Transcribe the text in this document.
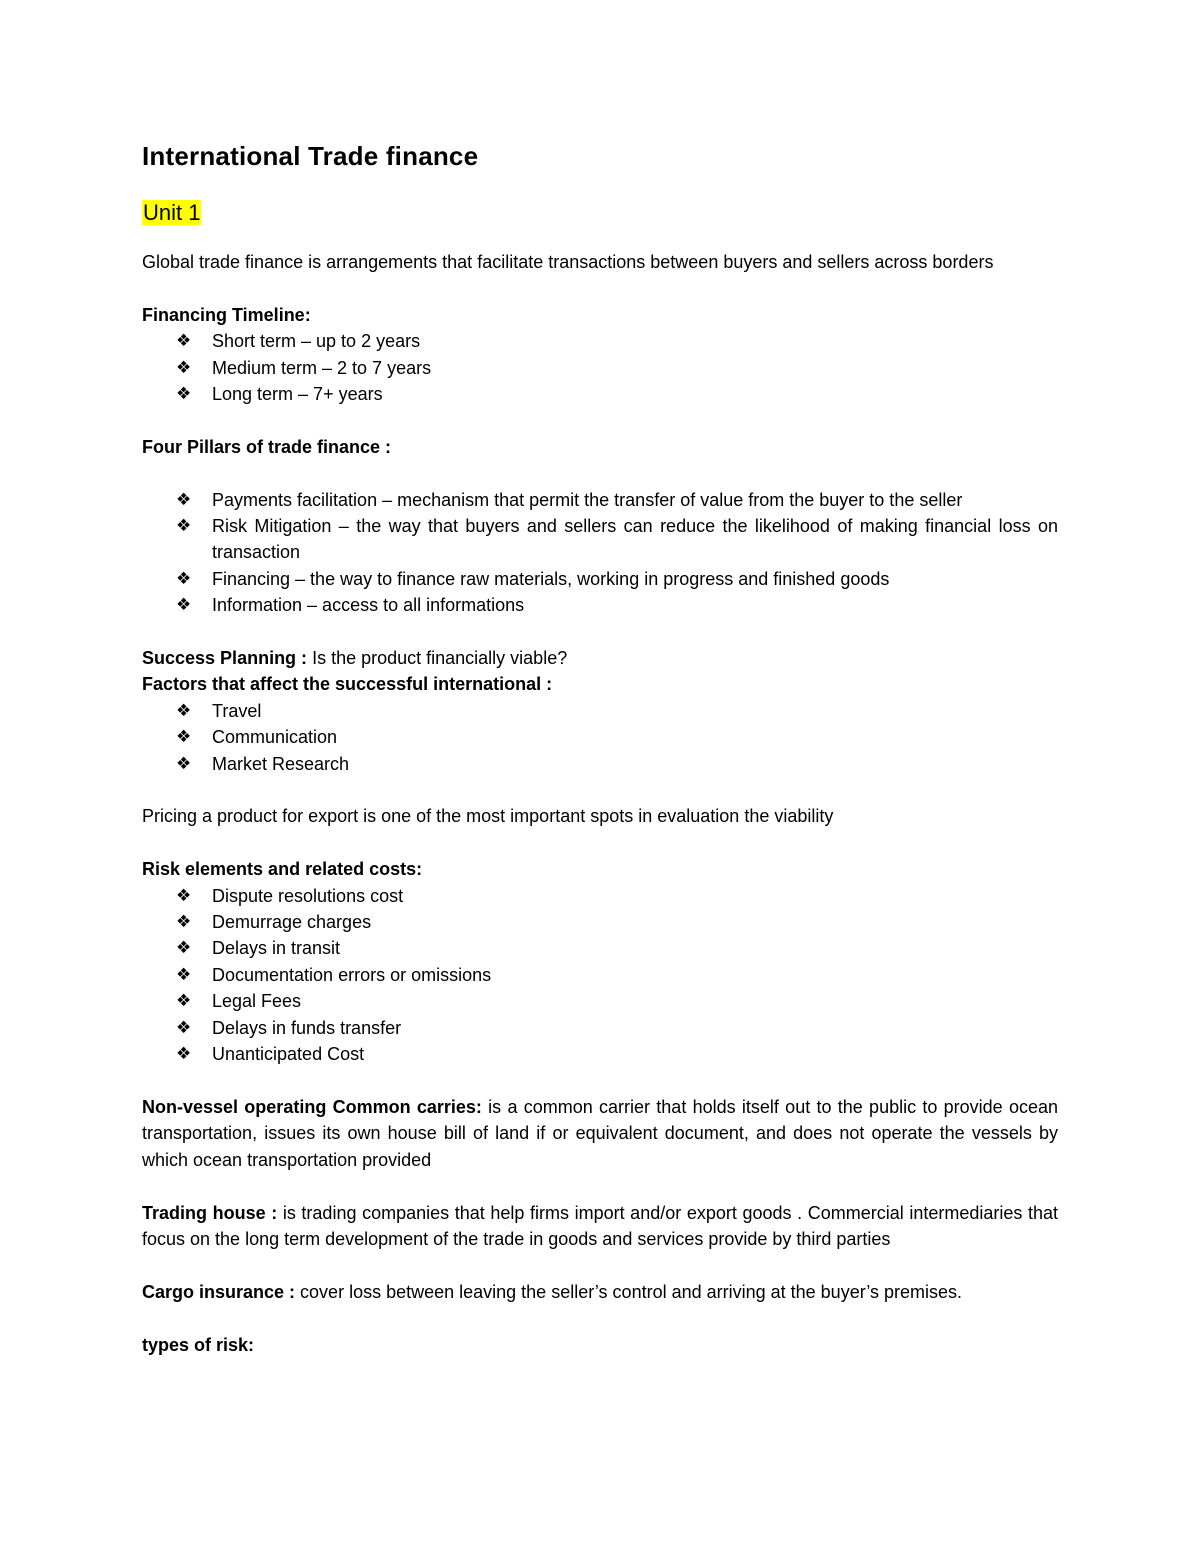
International Trade finance
Unit 1

Global trade finance is arrangements that facilitate transactions between buyers and sellers across borders

Financing Timeline:

❖ Short term – up to 2 years
❖ Medium term – 2 to 7 years
❖ Long term – 7+ years

Four Pillars of trade finance :

❖ Payments facilitation – mechanism that permit the transfer of value from the buyer to the seller
❖ Risk Mitigation – the way that buyers and sellers can reduce the likelihood of making financial loss on transaction
❖ Financing – the way to finance raw materials, working in progress and finished goods
❖ Information – access to all informations

Success Planning : Is the product financially viable?

Factors that affect the successful international :

❖ Travel
❖ Communication
❖ Market Research

Pricing a product for export is one of the most important spots in evaluation the viability

Risk elements and related costs:

❖ Dispute resolutions cost
❖ Demurrage charges
❖ Delays in transit
❖ Documentation errors or omissions
❖ Legal Fees
❖ Delays in funds transfer
❖ Unanticipated Cost

Non-vessel operating Common carries: is a common carrier that holds itself out to the public to provide ocean transportation, issues its own house bill of land if or equivalent document, and does not operate the vessels by which ocean transportation provided

Trading house : is trading companies that help firms import and/or export goods . Commercial intermediaries that focus on the long term development of the trade in goods and services provide by third parties

Cargo insurance : cover loss between leaving the seller’s control and arriving at the buyer’s premises.

types of risk:
